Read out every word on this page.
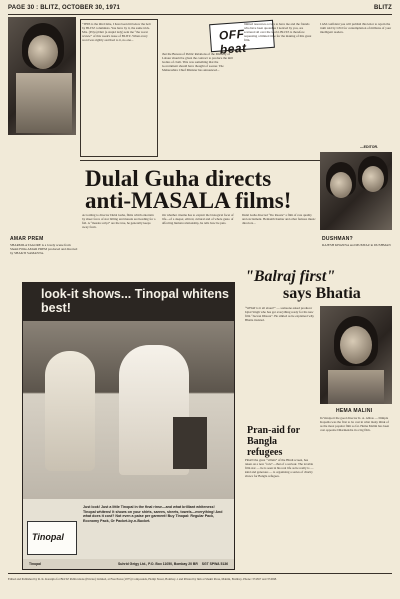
PAGE 30 : BLITZ, OCTOBER 30, 1971	BLITZ
AMAR PREM
SHARMILA TAGORE is a lovely scene from Shakti Films AMAR PREM produced and directed by SHAKTI SAMANTA.
"THIS is the third time, I have been hit below the belt by BLITZ columnists. You have by it, the same trick. Mrs. (Priya) Dutt (a stupid lady) sent me “the worst review” of this week's issue of BLITZ. When every word was rightly ascribed to it, no one...
that the Bureau of Public Relations of the Ministry of Labour should be given the contract to produce the mill bodies of cloth. This was something that the Government should have thought of sooner. The Maharashtra Chief Minister has announced...
OFF beat
limited resources occurs to have me and the friends who have been quoted as I noticed by you, are scattered all over the world. BLITZ is therefore requesting a limited time for the making of this great film.
I AM confident you will publish this letter to rejoin the truth told by LEO for contemplation of millions of your intelligent readers.
—EDITOR.
Dulal Guha directs
anti-MASALA films!
DUSHMAN?
RAJESH KHANNA and MUMTAZ in DUSHMAN
According to director Dulal Guha, films which entertain by sheer force of star billing and masala are heading for a fall. A “masala script” are the true, he generally keeps away from.
On whether cinema has to exploit the biological facet of life—of a deeper, ethical, cultural and of whole gusto of affecting human relationship, he tells how he puts.
Dulal Guha directed “Do Raaste” a film of rare quality and excitement. Hemanth Kumar and other famous music directors...
look-it shows... Tinopal whitens best!
Just look! Just a little Tinopal in the final rinse—and what brilliant whiteness! Tinopal whitens! It shows on your shirts, sarees, sheets, towels—everything! And what does it cost? Not even a paise per garment! Buy Tinopal: Regular Pack, Economy Pack, Or Packet-by-n-Bucket.
Tinopal
Tinopal	Suhrid Geigy Ltd., P.O. Box 11050, Bombay 20 BR SGT SPWA 5136
"Balraj first"
says Bhatia
“WHAT is it all about?” — someone asked producer Iqbal Singh who has got everything ready for his new film “Jeevan Dhaara”. He smiled as he explained why Bhatia insisted.
HEMA MALINI
Pran-aid for Bangla refugees
PRAN the great “villain” of the Hindi screen, has taken on a new “role”—that of a saviour. The lovable film star — he is seen in his real life as he really is — kind and generous — is organising a series of charity shows for Bangla refugees.
In Westport the good director K. A. Abbas — Dimple Kapadia was the first to be cast in what many think of as the most popular film so far. Hema Malini has been cast opposite Dharmendra in a big film.
Edited and Published by R. K. Karanjia for BLITZ Publications (Private) Limited, at Free Press (1975) Compounds, Homji Street, Bombay-1 and Printed by him at Shakti Press, Mahim, Bombay. Phone: 374567 and 374568.
